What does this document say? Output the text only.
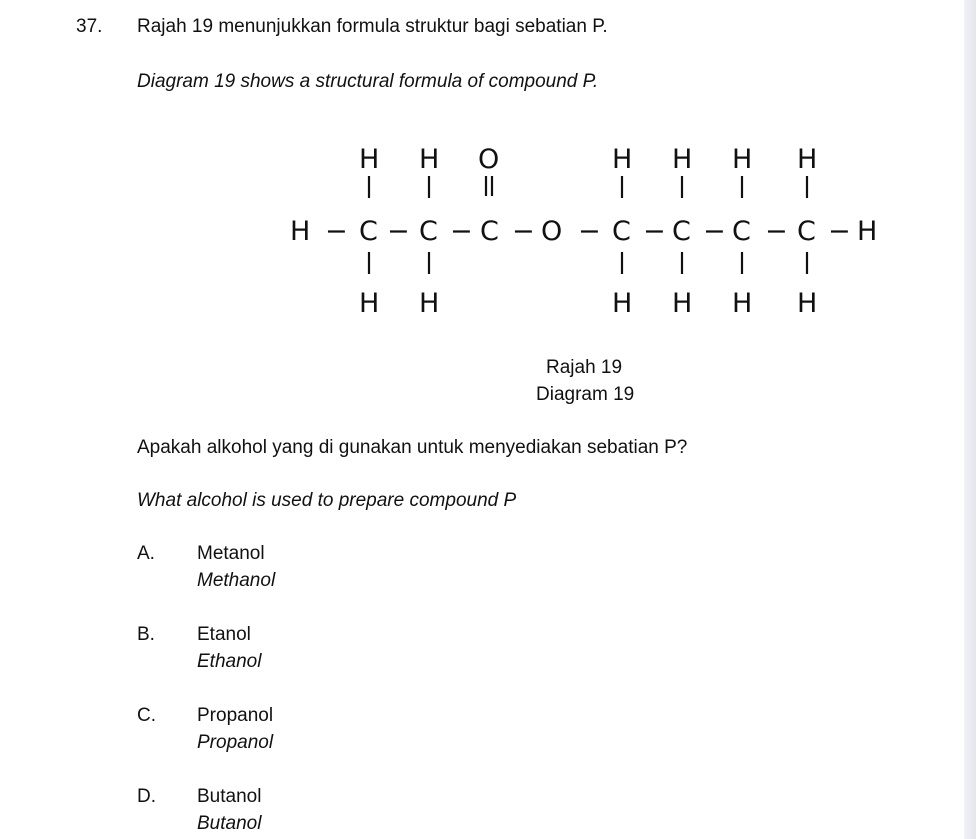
37. Rajah 19 menunjukkan formula struktur bagi sebatian P.
Diagram 19 shows a structural formula of compound P.
H H O	H H H H
H − C − C − C − O − C − C − C − C − H
H H	H H H H
Rajah 19
Diagram 19
Apakah alkohol yang di gunakan untuk menyediakan sebatian P?
What alcohol is used to prepare compound P
A. Metanol
Methanol
B. Etanol
Ethanol
C. Propanol
Propanol
D. Butanol
Butanol
